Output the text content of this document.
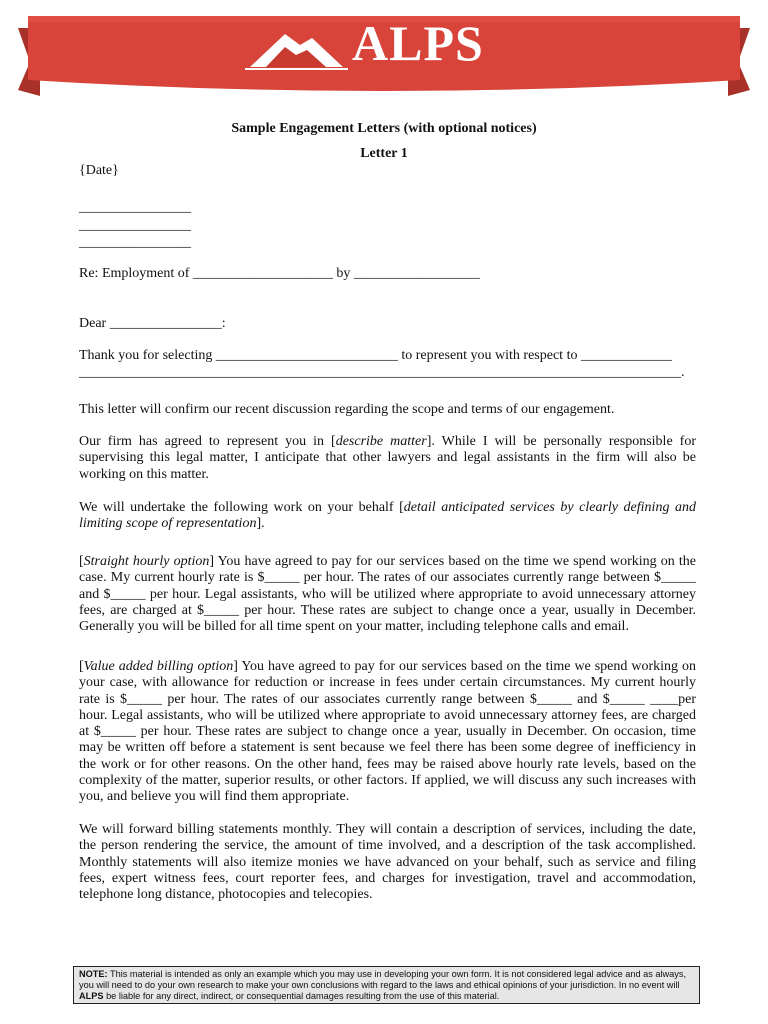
ALPS
Sample Engagement Letters (with optional notices)
Letter 1
{Date}
________________
________________
________________
Re: Employment of ____________________ by __________________
Dear ________________:
Thank you for selecting __________________________ to represent you with respect to _____________
______________________________________________________________________________________.
This letter will confirm our recent discussion regarding the scope and terms of our engagement.
Our firm has agreed to represent you in [describe matter]. While I will be personally responsible for supervising this legal matter, I anticipate that other lawyers and legal assistants in the firm will also be working on this matter.
We will undertake the following work on your behalf [detail anticipated services by clearly defining and limiting scope of representation].
[Straight hourly option] You have agreed to pay for our services based on the time we spend working on the case. My current hourly rate is $_____ per hour. The rates of our associates currently range between $_____ and $_____ per hour. Legal assistants, who will be utilized where appropriate to avoid unnecessary attorney fees, are charged at $_____ per hour. These rates are subject to change once a year, usually in December. Generally you will be billed for all time spent on your matter, including telephone calls and email.
[Value added billing option] You have agreed to pay for our services based on the time we spend working on your case, with allowance for reduction or increase in fees under certain circumstances. My current hourly rate is $_____ per hour. The rates of our associates currently range between $_____ and $_____ ____per hour. Legal assistants, who will be utilized where appropriate to avoid unnecessary attorney fees, are charged at $_____ per hour. These rates are subject to change once a year, usually in December. On occasion, time may be written off before a statement is sent because we feel there has been some degree of inefficiency in the work or for other reasons. On the other hand, fees may be raised above hourly rate levels, based on the complexity of the matter, superior results, or other factors. If applied, we will discuss any such increases with you, and believe you will find them appropriate.
We will forward billing statements monthly. They will contain a description of services, including the date, the person rendering the service, the amount of time involved, and a description of the task accomplished. Monthly statements will also itemize monies we have advanced on your behalf, such as service and filing fees, expert witness fees, court reporter fees, and charges for investigation, travel and accommodation, telephone long distance, photocopies and telecopies.
NOTE: This material is intended as only an example which you may use in developing your own form. It is not considered legal advice and as always, you will need to do your own research to make your own conclusions with regard to the laws and ethical opinions of your jurisdiction. In no event will ALPS be liable for any direct, indirect, or consequential damages resulting from the use of this material.
